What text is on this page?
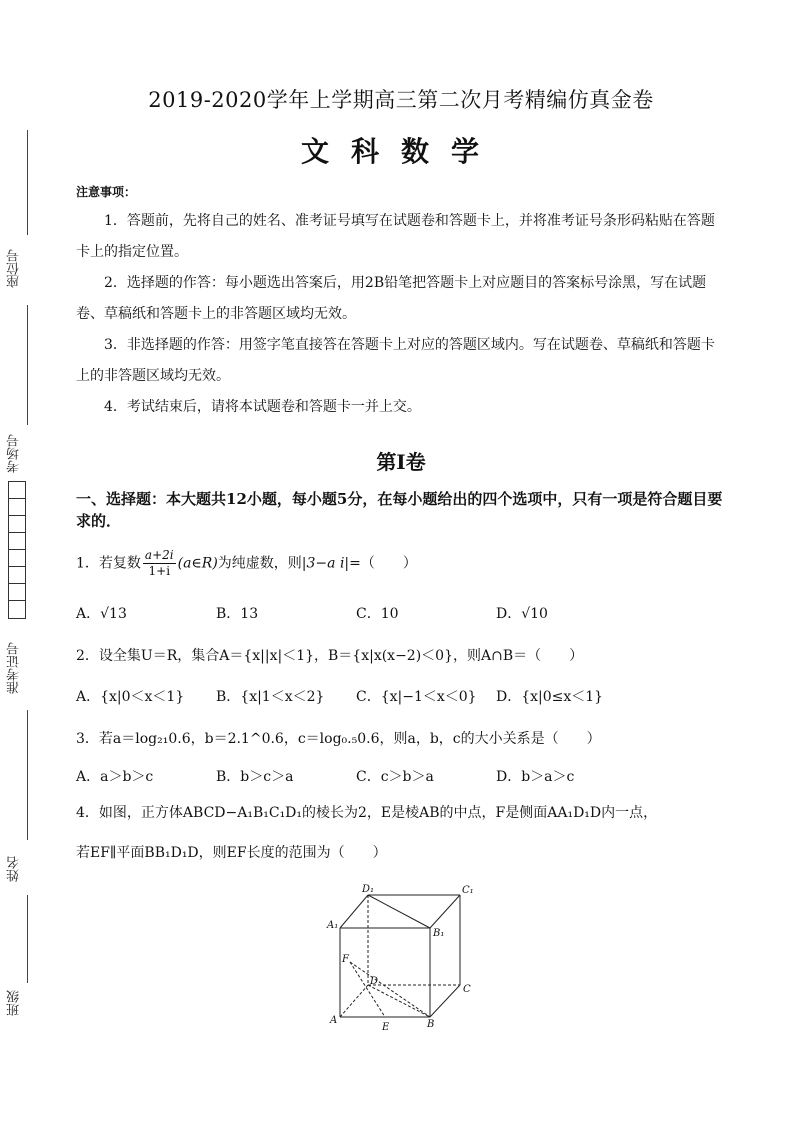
座位号
考场号
准考证号
姓名
班级
2019-2020学年上学期高三第二次月考精编仿真金卷
文科数学
注意事项：
1．答题前，先将自己的姓名、准考证号填写在试题卷和答题卡上，并将准考证号条形码粘贴在答题卡上的指定位置。
2．选择题的作答：每小题选出答案后，用2B铅笔把答题卡上对应题目的答案标号涂黑，写在试题卷、草稿纸和答题卡上的非答题区域均无效。
3．非选择题的作答：用签字笔直接答在答题卡上对应的答题区域内。写在试题卷、草稿纸和答题卡上的非答题区域均无效。
4．考试结束后，请将本试题卷和答题卡一并上交。
第Ⅰ卷
一、选择题：本大题共12小题，每小题5分，在每小题给出的四个选项中，只有一项是符合题目要求的．
1．若复数 $\frac{a+2i}{1+i}$ (a∈R)为纯虚数，则|3−a i|=（　　）
A．√13	B．13	C．10	D．√10
2．设全集U＝R，集合A＝{x||x|＜1}，B＝{x|x(x−2)＜0}，则A∩B＝（　　）
A．{x|0＜x＜1} B．{x|1＜x＜2} C．{x|−1＜x＜0} D．{x|0≤x＜1}
3．若a＝log₂₁0.6，b＝2.1^0.6，c＝log₀.₅0.6，则a，b，c的大小关系是（　　）
A．a＞b＞c	B．b＞c＞a	C．c＞b＞a	D．b＞a＞c
4．如图，正方体ABCD−A₁B₁C₁D₁的棱长为2，E是棱AB的中点，F是侧面AA₁D₁D内一点，
若EF∥平面BB₁D₁D，则EF长度的范围为（　　）
D₁	C₁
A₁
B₁
F
D
C
A
E	B
